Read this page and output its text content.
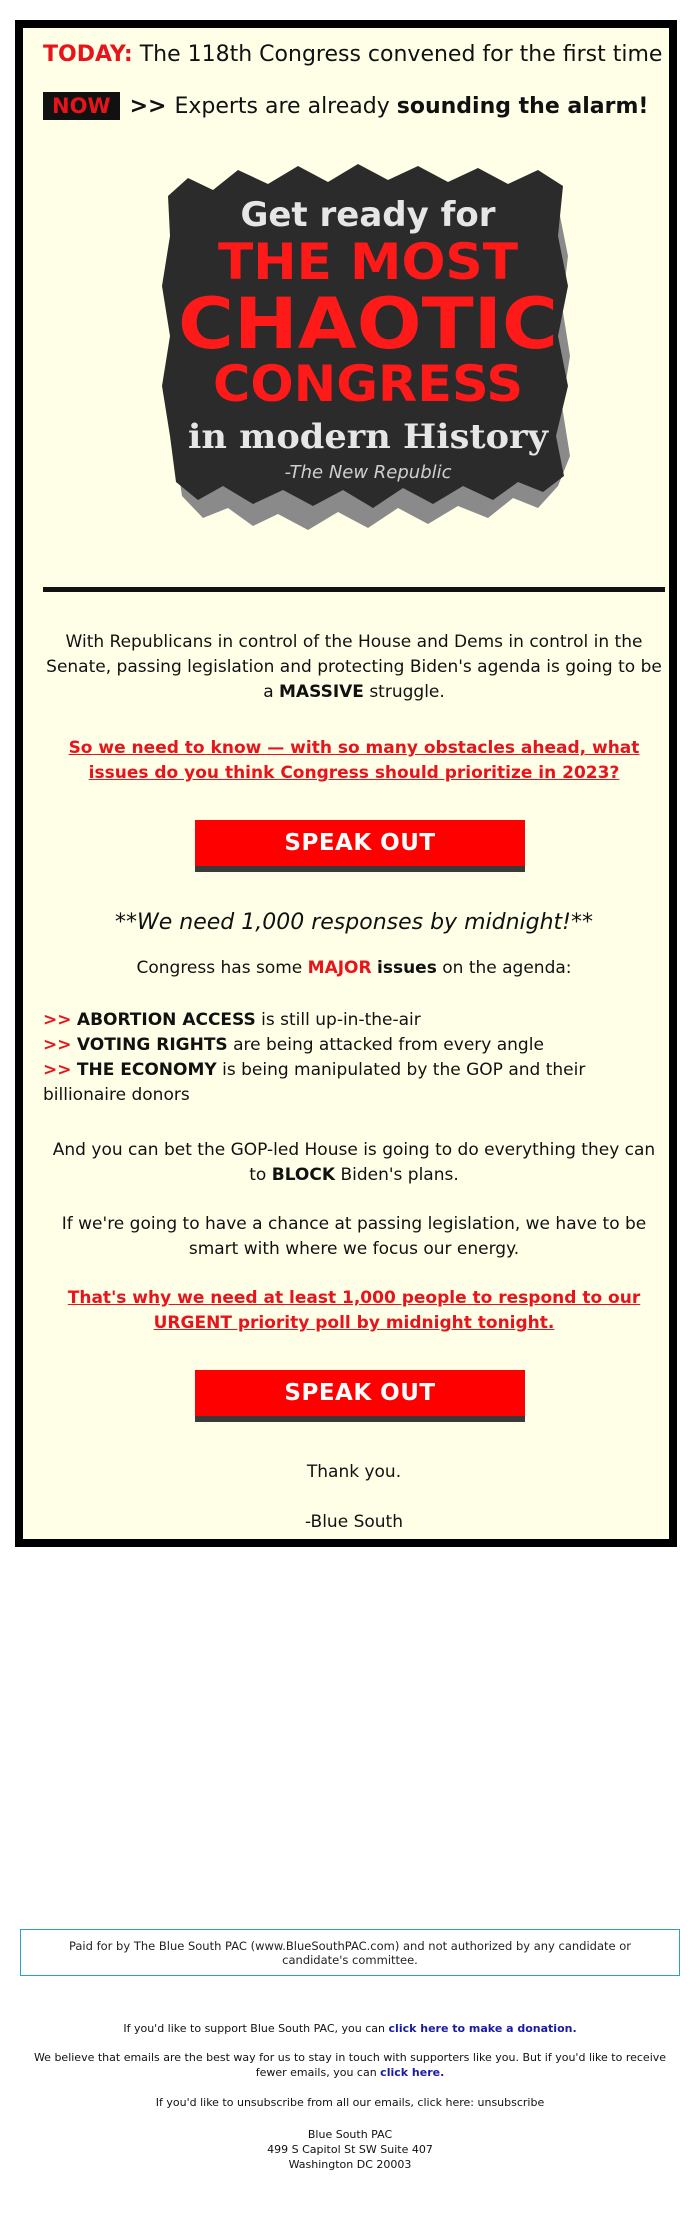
TODAY: The 118th Congress convened for the first time
NOW >> Experts are already
sounding the alarm!
Get ready for
THE MOST
CHAOTIC
CONGRESS
in modern History
-The New Republic
With Republicans in control of the House and Dems in control in the Senate, passing legislation and protecting Biden's agenda is going to be a MASSIVE struggle.
So we need to know — with so many obstacles ahead, what issues do you think Congress should prioritize in 2023?
SPEAK OUT
**We need 1,000 responses by midnight!**
Congress has some MAJOR issues on the agenda:
>> ABORTION ACCESS is still up-in-the-air
>> VOTING RIGHTS are being attacked from every angle
>> THE ECONOMY is being manipulated by the GOP and their billionaire donors
And you can bet the GOP-led House is going to do everything they can to BLOCK Biden's plans.
If we're going to have a chance at passing legislation, we have to be smart with where we focus our energy.
That's why we need at least 1,000 people to respond to our URGENT priority poll by midnight tonight.
SPEAK OUT
Thank you.
-Blue South
Paid for by The Blue South PAC (www.BlueSouthPAC.com) and not authorized by any candidate or candidate's committee.
If you'd like to support Blue South PAC, you can click here to make a donation.
We believe that emails are the best way for us to stay in touch with supporters like you. But if you'd like to receive fewer emails, you can click here.
If you'd like to unsubscribe from all our emails, click here: unsubscribe
Blue South PAC
499 S Capitol St SW Suite 407
Washington DC 20003
